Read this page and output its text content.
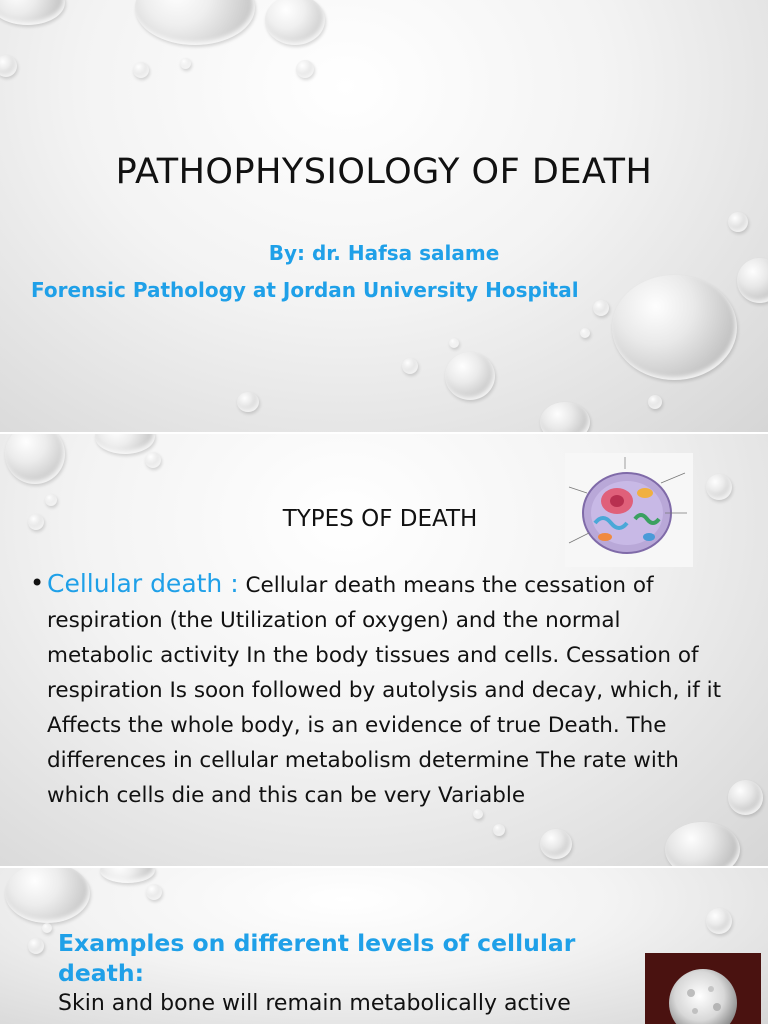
PATHOPHYSIOLOGY OF DEATH
By: dr. Hafsa salame
Forensic Pathology at Jordan University Hospital
TYPES OF DEATH
• Cellular death : Cellular death means the cessation of respiration (the Utilization of oxygen) and the normal metabolic activity In the body tissues and cells. Cessation of respiration Is soon followed by autolysis and decay, which, if it Affects the whole body, is an evidence of true Death. The differences in cellular metabolism determine The rate with which cells die and this can be very Variable
Examples on different levels of cellular death:
Skin and bone will remain metabolically active
